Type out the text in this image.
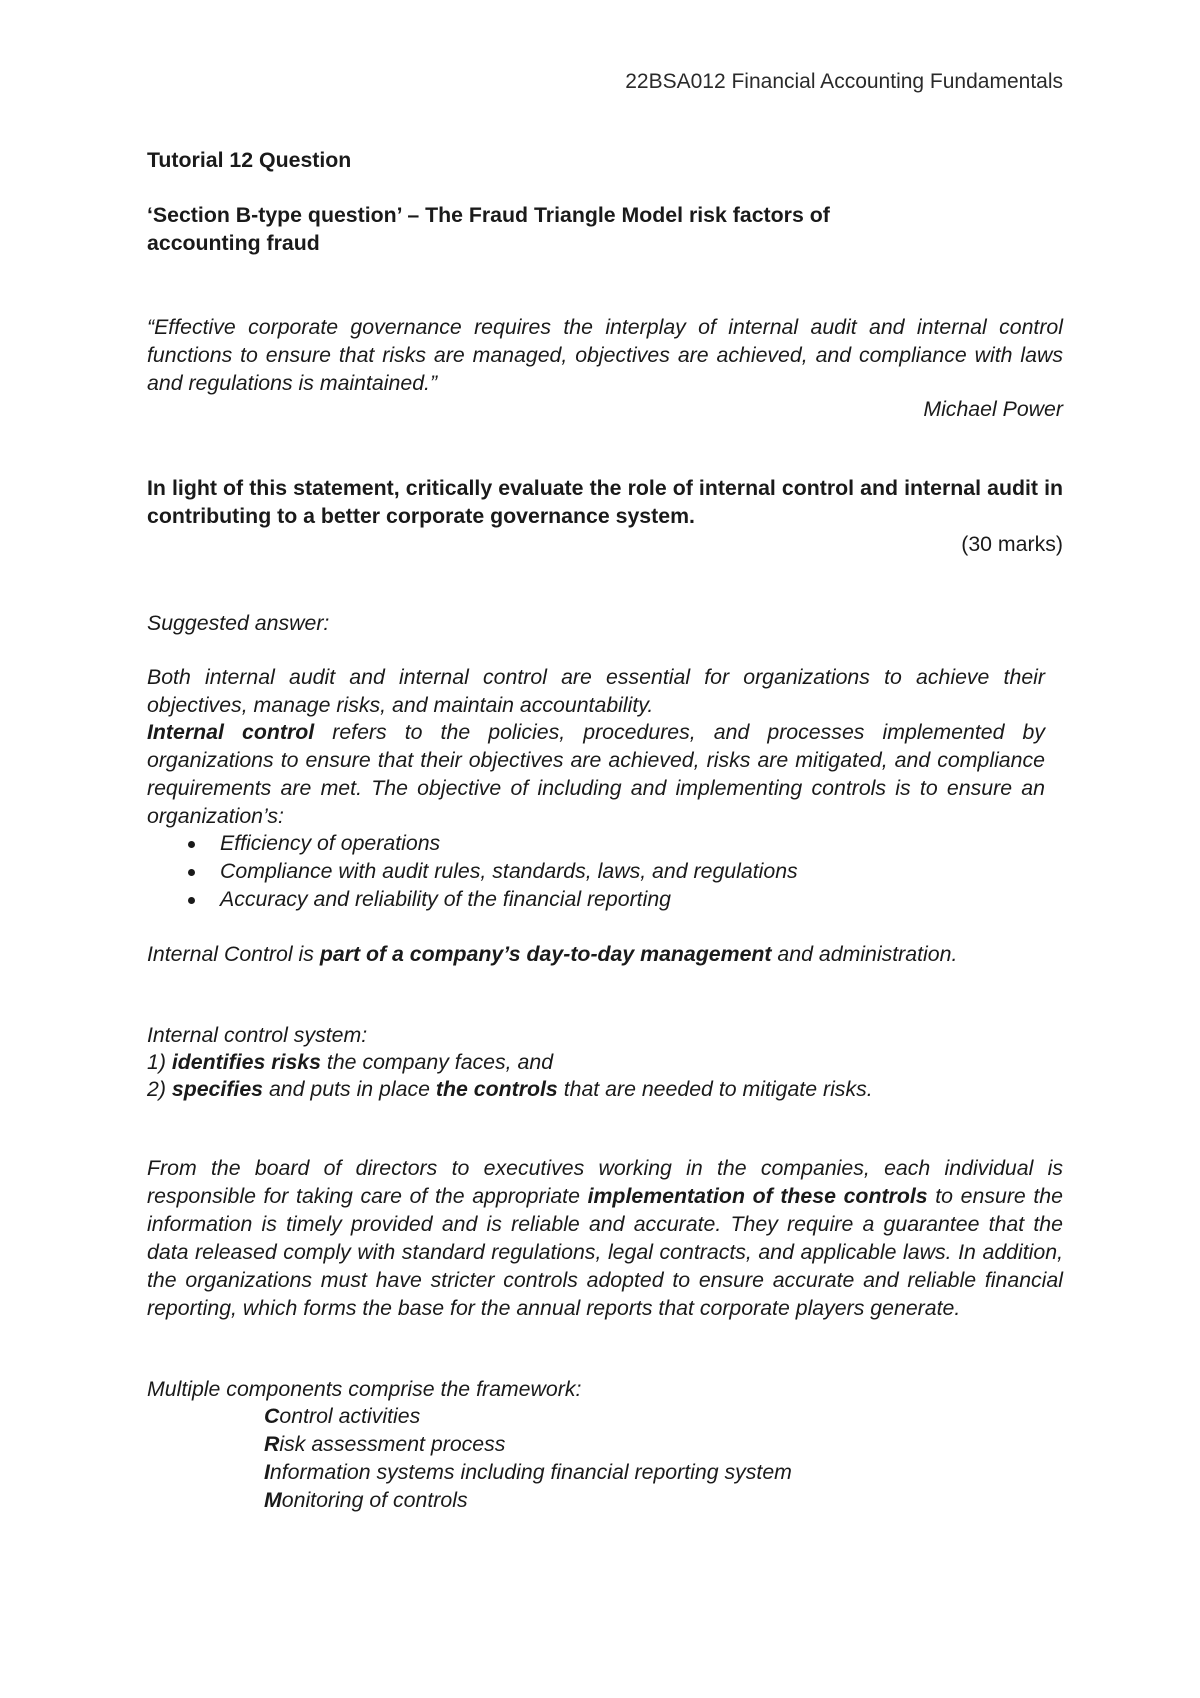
22BSA012 Financial Accounting Fundamentals

Tutorial 12 Question

‘Section B-type question’ – The Fraud Triangle Model risk factors of accounting fraud

“Effective corporate governance requires the interplay of internal audit and internal control functions to ensure that risks are managed, objectives are achieved, and compliance with laws and regulations is maintained.”

Michael Power

In light of this statement, critically evaluate the role of internal control and internal audit in contributing to a better corporate governance system.

(30 marks)

Suggested answer:

Both internal audit and internal control are essential for organizations to achieve their objectives, manage risks, and maintain accountability.

Internal control refers to the policies, procedures, and processes implemented by organizations to ensure that their objectives are achieved, risks are mitigated, and compliance requirements are met. The objective of including and implementing controls is to ensure an organization’s:

Efficiency of operations
Compliance with audit rules, standards, laws, and regulations
Accuracy and reliability of the financial reporting

Internal Control is part of a company’s day-to-day management and administration.

Internal control system:

1) identifies risks the company faces, and

2) specifies and puts in place the controls that are needed to mitigate risks.

From the board of directors to executives working in the companies, each individual is responsible for taking care of the appropriate implementation of these controls to ensure the information is timely provided and is reliable and accurate. They require a guarantee that the data released comply with standard regulations, legal contracts, and applicable laws. In addition, the organizations must have stricter controls adopted to ensure accurate and reliable financial reporting, which forms the base for the annual reports that corporate players generate.

Multiple components comprise the framework:

Control activities
Risk assessment process
Information systems including financial reporting system
Monitoring of controls
